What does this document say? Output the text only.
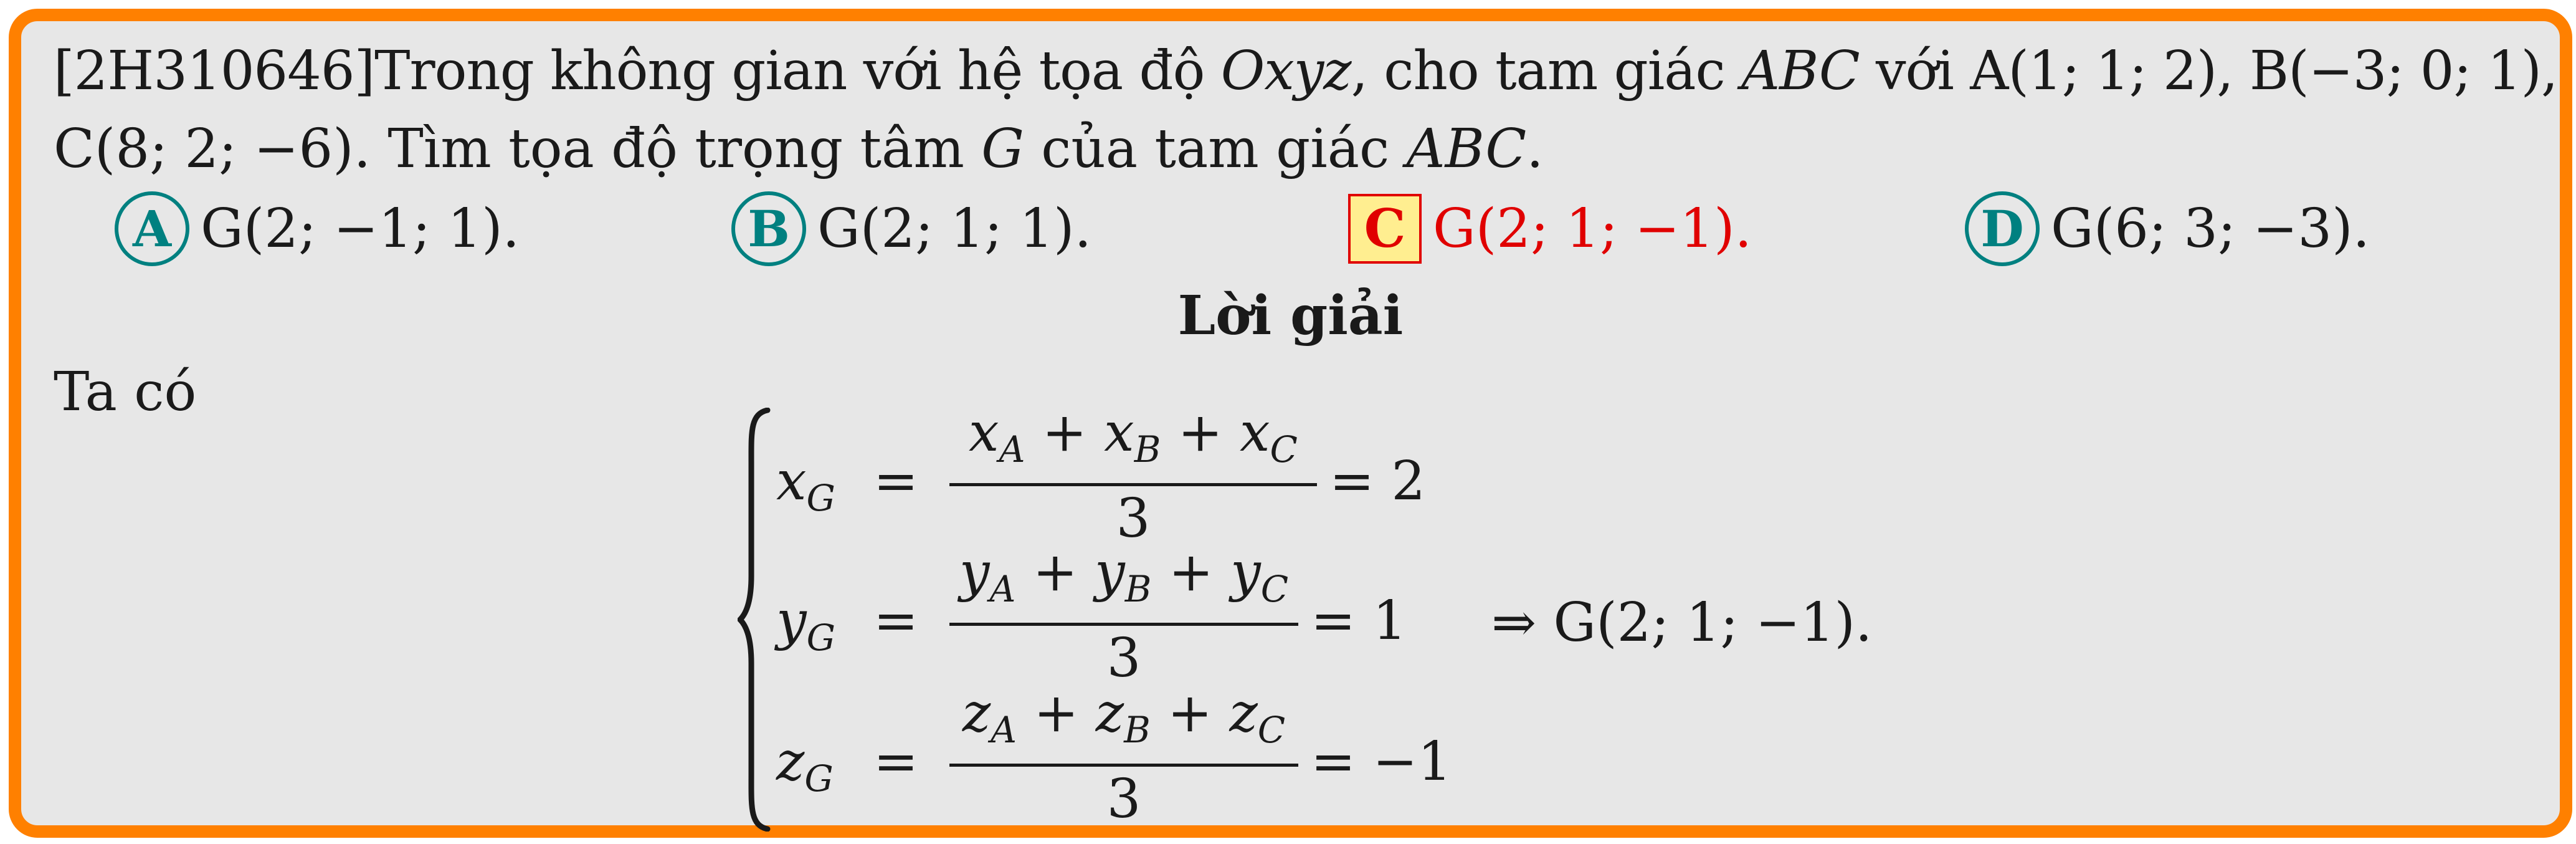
[2H310646]Trong không gian với hệ tọa độ Oxyz, cho tam giác ABC với A(1; 1; 2), B(−3; 0; 1),
C(8; 2; −6). Tìm tọa độ trọng tâm G của tam giác ABC.
A G(2; −1; 1).	B G(2; 1; 1).	C G(2; 1; −1).	D G(6; 3; −3).
Lời giải
Ta có
$x_G$ =
$x_A + x_B + x_C$
3
= 2
$y_G$ =
$y_A + y_B + y_C$
3
= 1
$z_G$ =
$z_A + z_B + z_C$
3
= −1
⇒ G(2; 1; −1).
